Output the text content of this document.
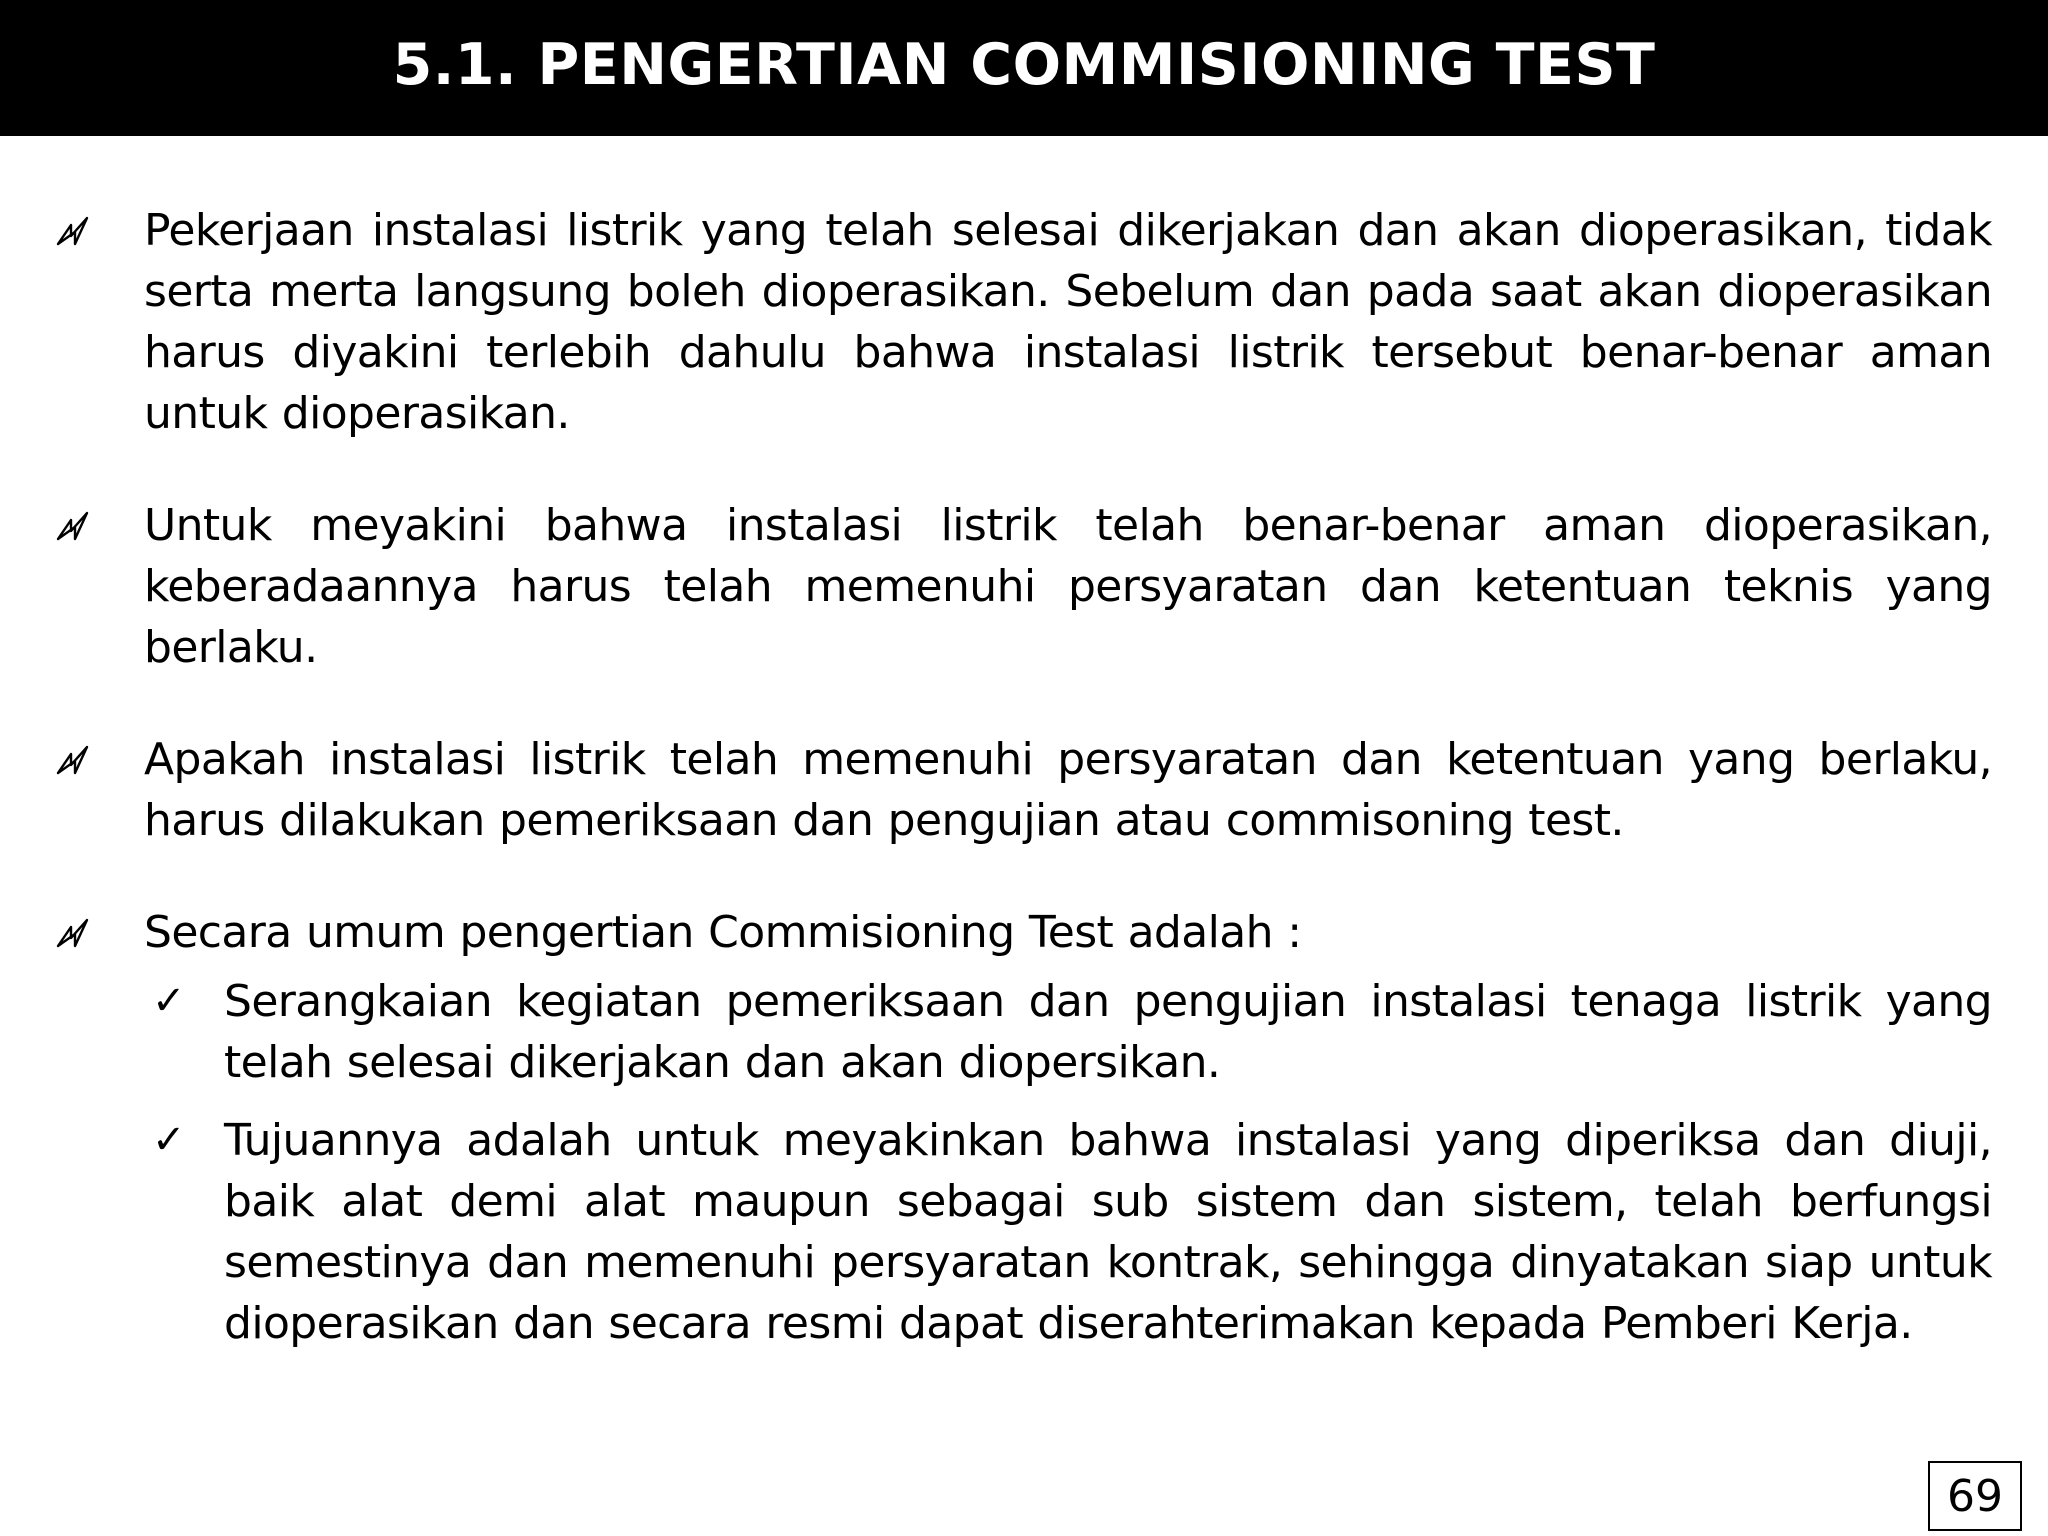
5.1. PENGERTIAN COMMISIONING TEST
Pekerjaan instalasi listrik yang telah selesai dikerjakan dan akan dioperasikan, tidak serta merta langsung boleh dioperasikan. Sebelum dan pada saat akan dioperasikan harus diyakini terlebih dahulu bahwa instalasi listrik tersebut benar-benar aman untuk dioperasikan.
Untuk meyakini bahwa instalasi listrik telah benar-benar aman dioperasikan, keberadaannya harus telah memenuhi persyaratan dan ketentuan teknis yang berlaku.
Apakah instalasi listrik telah memenuhi persyaratan dan ketentuan yang berlaku, harus dilakukan pemeriksaan dan pengujian atau commisoning test.
Secara umum pengertian Commisioning Test adalah :
✓ Serangkaian kegiatan pemeriksaan dan pengujian instalasi tenaga listrik yang telah selesai dikerjakan dan akan diopersikan.
✓ Tujuannya adalah untuk meyakinkan bahwa instalasi yang diperiksa dan diuji, baik alat demi alat maupun sebagai sub sistem dan sistem, telah berfungsi semestinya dan memenuhi persyaratan kontrak, sehingga dinyatakan siap untuk dioperasikan dan secara resmi dapat diserahterimakan kepada Pemberi Kerja.
69
